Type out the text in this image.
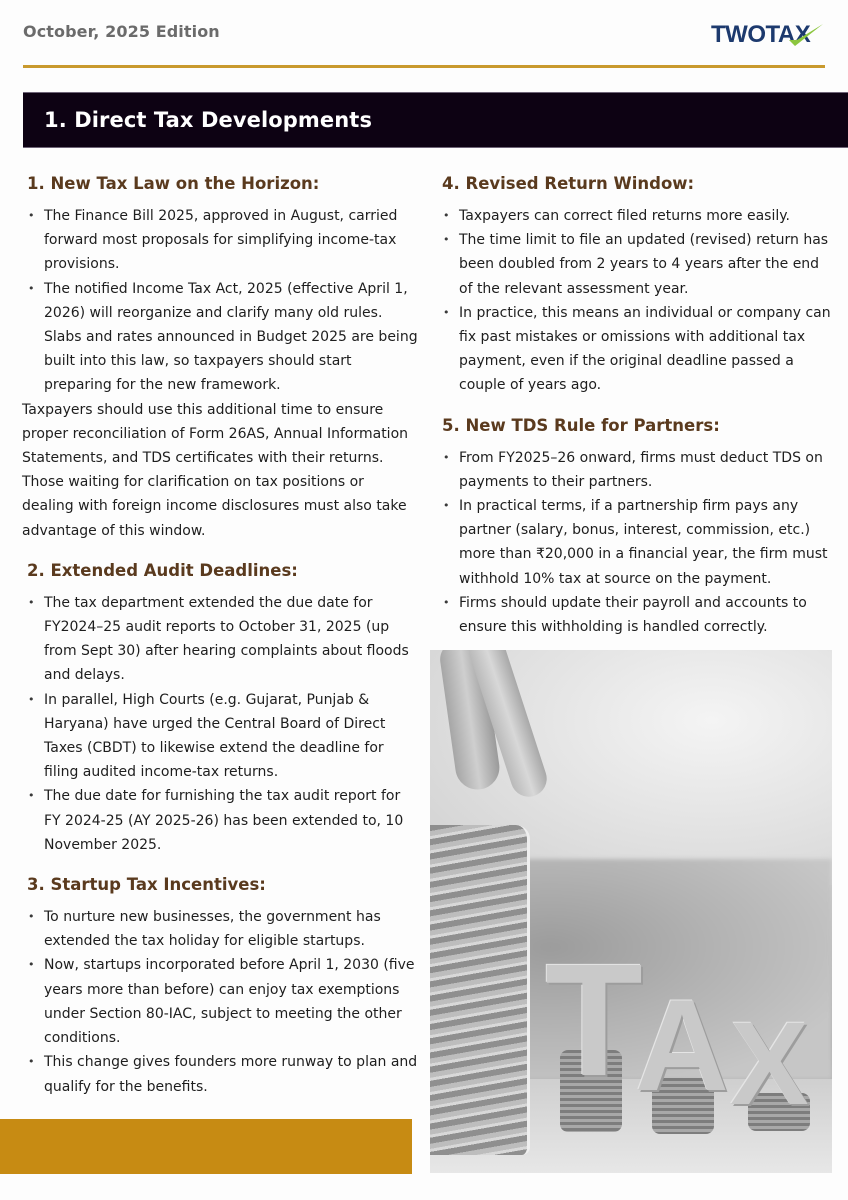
October, 2025 Edition	TWOTAX
1. Direct Tax Developments
1. New Tax Law on the Horizon:
• The Finance Bill 2025, approved in August, carried forward most proposals for simplifying income-tax provisions.
• The notified Income Tax Act, 2025 (effective April 1, 2026) will reorganize and clarify many old rules. Slabs and rates announced in Budget 2025 are being built into this law, so taxpayers should start preparing for the new framework.

Taxpayers should use this additional time to ensure proper reconciliation of Form 26AS, Annual Information Statements, and TDS certificates with their returns. Those waiting for clarification on tax positions or dealing with foreign income disclosures must also take advantage of this window.

2. Extended Audit Deadlines:
• The tax department extended the due date for FY2024–25 audit reports to October 31, 2025 (up from Sept 30) after hearing complaints about floods and delays.
• In parallel, High Courts (e.g. Gujarat, Punjab & Haryana) have urged the Central Board of Direct Taxes (CBDT) to likewise extend the deadline for filing audited income-tax returns.
• The due date for furnishing the tax audit report for FY 2024-25 (AY 2025-26) has been extended to, 10 November 2025.
3. Startup Tax Incentives:
• To nurture new businesses, the government has extended the tax holiday for eligible startups.
• Now, startups incorporated before April 1, 2030 (five years more than before) can enjoy tax exemptions under Section 80-IAC, subject to meeting the other conditions.
• This change gives founders more runway to plan and qualify for the benefits.
4. Revised Return Window:
• Taxpayers can correct filed returns more easily.
• The time limit to file an updated (revised) return has been doubled from 2 years to 4 years after the end of the relevant assessment year.
• In practice, this means an individual or company can fix past mistakes or omissions with additional tax payment, even if the original deadline passed a couple of years ago.
5. New TDS Rule for Partners:
• From FY2025–26 onward, firms must deduct TDS on payments to their partners.
• In practical terms, if a partnership firm pays any partner (salary, bonus, interest, commission, etc.) more than ₹20,000 in a financial year, the firm must withhold 10% tax at source on the payment.
• Firms should update their payroll and accounts to ensure this withholding is handled correctly.
T
A X
